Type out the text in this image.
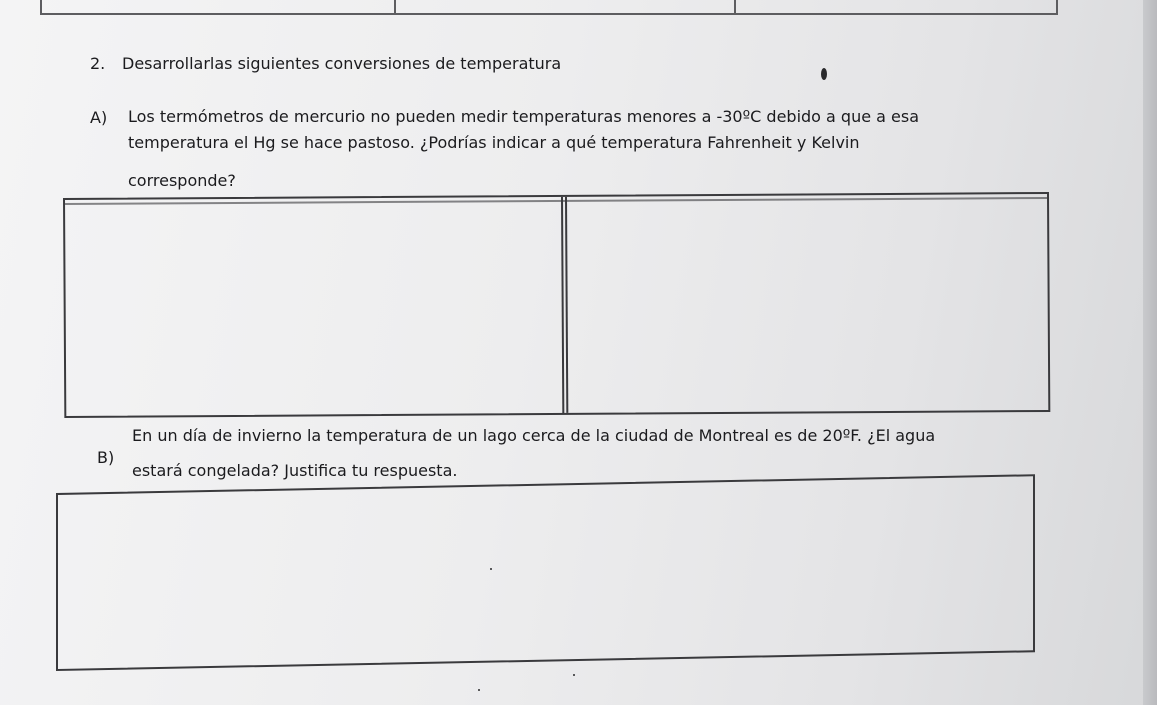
2. Desarrollarlas siguientes conversiones de temperatura
A) Los termómetros de mercurio no pueden medir temperaturas menores a -30ºC debido a que a esa
temperatura el Hg se hace pastoso. ¿Podrías indicar a qué temperatura Fahrenheit y Kelvin
corresponde?
B)
En un día de invierno la temperatura de un lago cerca de la ciudad de Montreal es de 20ºF. ¿El agua
estará congelada? Justifica tu respuesta.
